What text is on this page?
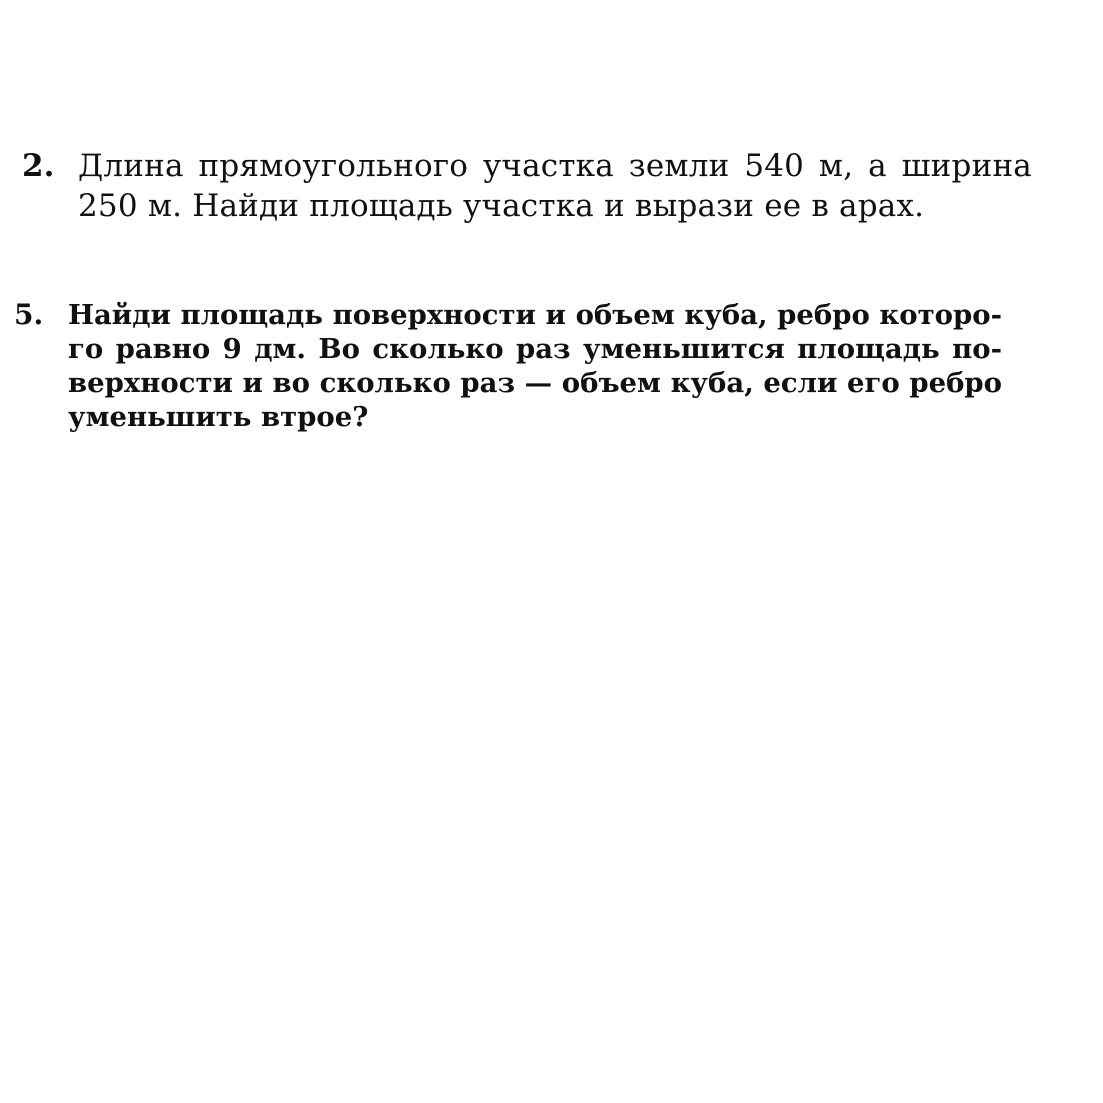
2. Длина прямоугольного участка земли 540 м, а ширина
250 м. Найди площадь участка и вырази ее в арах.
5. Найди площадь поверхности и объем куба, ребро которо-
го равно 9 дм. Во сколько раз уменьшится площадь по-
верхности и во сколько раз — объем куба, если его ребро
уменьшить втрое?
